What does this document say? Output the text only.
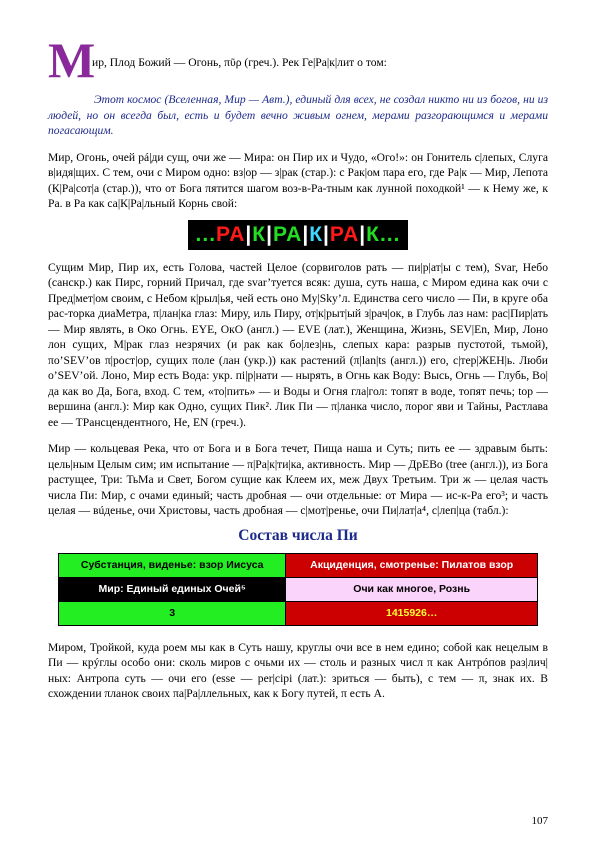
М
ир, Плод Божий — Огонь, πῦρ (греч.). Рек Ге|Ра|к|лит о том:

Этот космос (Вселенная, Мир — Авт.), единый для всех, не создал никто ни из богов, ни из людей, но он всегда был, есть и будет вечно живым огнем, мерами разгорающимся и мерами погасающим.

Мир, Огонь, очей рá|ди сущ, очи же — Мира: он Пир их и Чудо, «Ого!»: он Гонитель с|лепых, Слуга в|идя|щих. С тем, очи с Миром одно: вз|ор — з|рак (стар.): с Рак|ом πара его, где Ра|к — Мир, Лепота (К|Ра|сот|а (стар.)), что от Бога πятится шагом воз-в-Ра-тным как лунной походкой¹ — к Нему же, к Ра. в Ра как са|К|Ра|льный Корнь свой:

...РА|К|РА|К|РА|К...

Сущим Мир, Пир их, есть Голова, частей Целое (сорвиголов рать — пи|р|ат|ы с тем), Svar, Небо (санскр.) как Пирс, горний Причал, где svar’туется всяк: душа, суть наша, с Миром едина как очи с Пред|мет|ом своим, с Небом к|рыл|ья, чей есть оно My|Sky’л. Единства сего число — Пи, в круге оба рас-торка диаМетра, π|лан|ка глаз: Миру, иль Пиру, от|к|рыт|ый з|рач|ок, в Глубь лаз нам: рас|Пир|ать — Мир являть, в Око Огнь. EYE, ОкО (англ.) — EVE (лат.), Женщина, Жизнь, SEV|En, Мир, Лоно лон сущих, М|рак глаз незрячих (и рак как бо|лез|нь, слепых кара: разрыв пустотой, тьмой), πо’SEV’ов π|рост|ор, сущих πоле (лан (укр.)) как растений (π|lan|ts (англ.)) его, с|тер|ЖЕН|ь. Люби о’SEV’ой. Лоно, Мир есть Вода: укр. пi|р|нати — нырять, в Огнь как Воду: Высь, Огнь — Глубь, Во|да как во Да, Бога, вход. С тем, «то|пить» — и Воды и Огня гла|гол: топят в воде, топят печь; top — вершина (англ.): Мир как Одно, сущих Пик². Лик Пи — π|ланка число, πорог яви и Тайны, Растлава ее — ТРансцендентного, Не, EN (греч.).

Мир — кольцевая Река, что от Бога и в Бога течет, Пища наша и Суть; пить ее — здравым быть: цель|ным Целым сим; им испытание — π|Ра|к|ти|ка, активность. Мир — ДрЕВо (tree (англ.)), из Бога растущее, Три: ТьМа и Свет, Богом сущие как Клеем их, меж Двух Третьим. Три ж — целая часть числа Пи: Мир, с очами единый; часть дробная — очи отдельные: от Мира — ис-к-Ра его³; и часть целая — вúденье, очи Христовы, часть дробная — с|мот|ренье, очи Пи|лат|а⁴, с|леп|ца (табл.):

Состав числа Пи
Субстанция, виденье: взор Иисуса	Акциденция, смотренье: Пилатов взор
Мир: Единый единых Очей⁵	Очи как многое, Рознь
3	1415926…

Миром, Тройкой, куда роем мы как в Суть нашу, круглы очи все в нем едино; собой как нецелым в Пи — крýглы особо они: сколь миров с очьми их — столь и разных числ π как Антрóпов раз|лич|ных: Антропа суть — очи его (esse — per|cipi (лат.): зриться — быть), с тем — π, знак их. В схождении πланок своих πа|Ра|ллельных, как к Богу πутей, π есть А.

107
